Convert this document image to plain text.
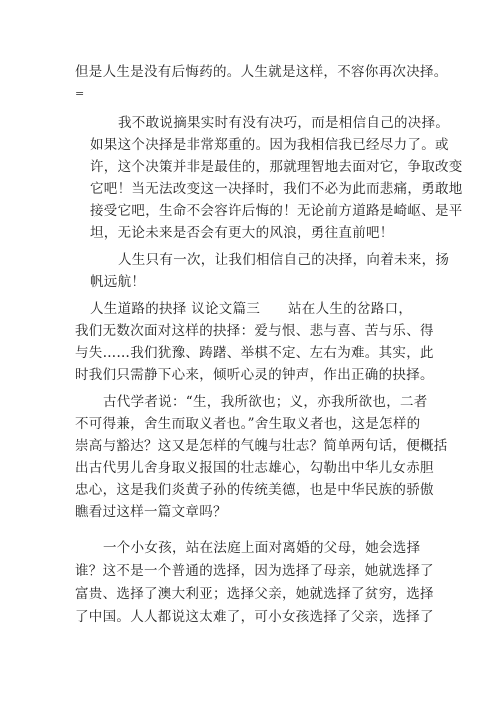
但是人生是没有后悔药的。人生就是这样，不容你再次决择。
=
我不敢说摘果实时有没有决巧，而是相信自己的决择。
如果这个决择是非常郑重的。因为我相信我已经尽力了。或
许，这个决策并非是最佳的，那就理智地去面对它，争取改变
它吧！当无法改变这一决择时，我们不必为此而悲痛，勇敢地
接受它吧，生命不会容许后悔的！无论前方道路是崎岖、是平
坦，无论未来是否会有更大的风浪，勇往直前吧！
人生只有一次，让我们相信自己的决择，向着未来，扬
帆远航！
人生道路的抉择 议论文篇三 站在人生的岔路口，
我们无数次面对这样的抉择：爱与恨、悲与喜、苦与乐、得
与失……我们犹豫、踌躇、举棋不定、左右为难。其实，此
时我们只需静下心来，倾听心灵的钟声，作出正确的抉择。
古代学者说：“生，我所欲也；义，亦我所欲也，二者
不可得兼，舍生而取义者也。”舍生取义者也，这是怎样的
崇高与豁达？这又是怎样的气魄与壮志？简单两句话，便概括
出古代男儿舍身取义报国的壮志雄心，勾勒出中华儿女赤胆
忠心，这是我们炎黄子孙的传统美德，也是中华民族的骄傲
瞧看过这样一篇文章吗？
一个小女孩，站在法庭上面对离婚的父母，她会选择
谁？这不是一个普通的选择，因为选择了母亲，她就选择了
富贵、选择了澳大利亚；选择父亲，她就选择了贫穷，选择
了中国。人人都说这太难了，可小女孩选择了父亲，选择了
